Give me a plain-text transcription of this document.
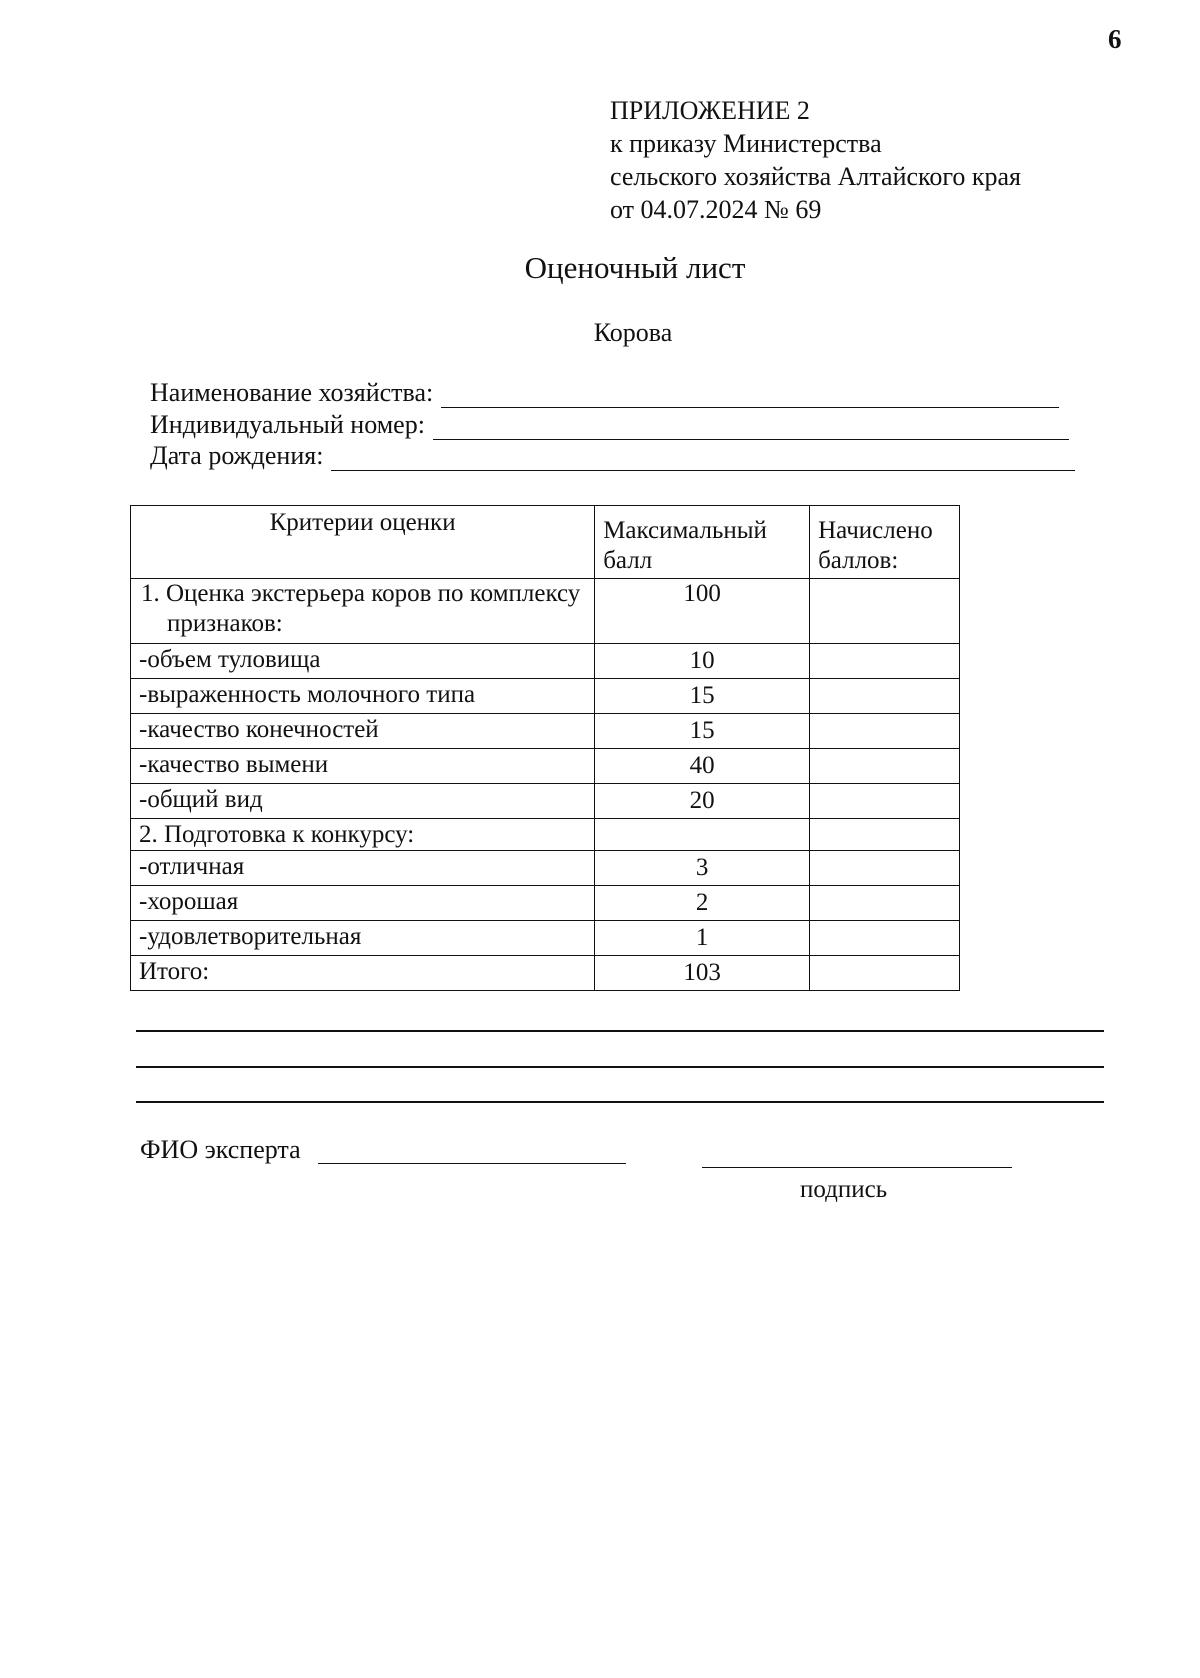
6
ПРИЛОЖЕНИЕ 2
к приказу Министерства
сельского хозяйства Алтайского края
от 04.07.2024 № 69
Оценочный лист
Корова
Наименование хозяйства:
Индивидуальный номер:
Дата рождения:
Критерии оценки	Максимальный балл	Начислено баллов:
1. Оценка экстерьера коров по комплексу признаков:	100	
-объем туловища	10	
-выраженность молочного типа	15	
-качество конечностей	15	
-качество вымени	40	
-общий вид	20	
2. Подготовка к конкурсу:		
-отличная	3	
-хорошая	2	
-удовлетворительная	1	
Итого:	103	
ФИО эксперта
подпись
